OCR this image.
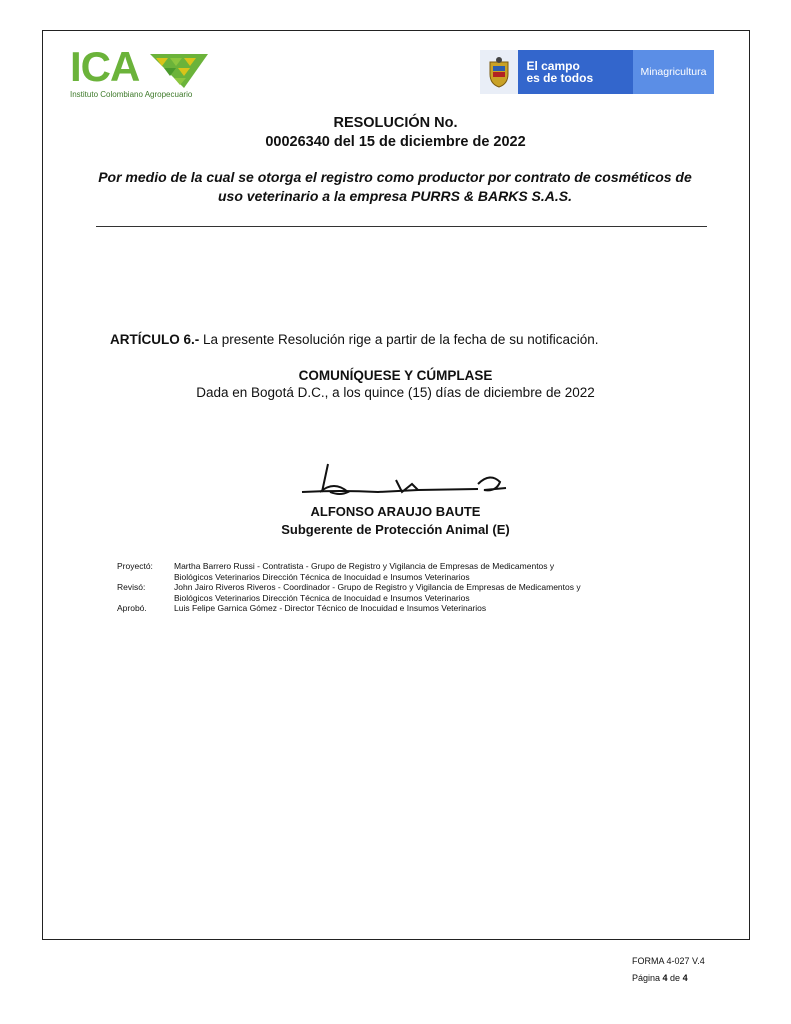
ICA
Instituto Colombiano Agropecuario
El campo
es de todos	Minagricultura
RESOLUCIÓN No.
00026340 del 15 de diciembre de 2022
Por medio de la cual se otorga el registro como productor por contrato de cosméticos de
uso veterinario a la empresa PURRS & BARKS S.A.S.
ARTÍCULO 6.- La presente Resolución rige a partir de la fecha de su notificación.
COMUNÍQUESE Y CÚMPLASE
Dada en Bogotá D.C., a los quince (15) días de diciembre de 2022
ALFONSO ARAUJO BAUTE
Subgerente de Protección Animal (E)
Proyectó:	Martha Barrero Russi - Contratista - Grupo de Registro y Vigilancia de Empresas de Medicamentos y
Biológicos Veterinarios Dirección Técnica de Inocuidad e Insumos Veterinarios
Revisó:	John Jairo Riveros Riveros - Coordinador - Grupo de Registro y Vigilancia de Empresas de Medicamentos y
Biológicos Veterinarios Dirección Técnica de Inocuidad e Insumos Veterinarios
Aprobó.	Luis Felipe Garnica Gómez - Director Técnico de Inocuidad e Insumos Veterinarios
FORMA 4-027 V.4
Página 4 de 4
